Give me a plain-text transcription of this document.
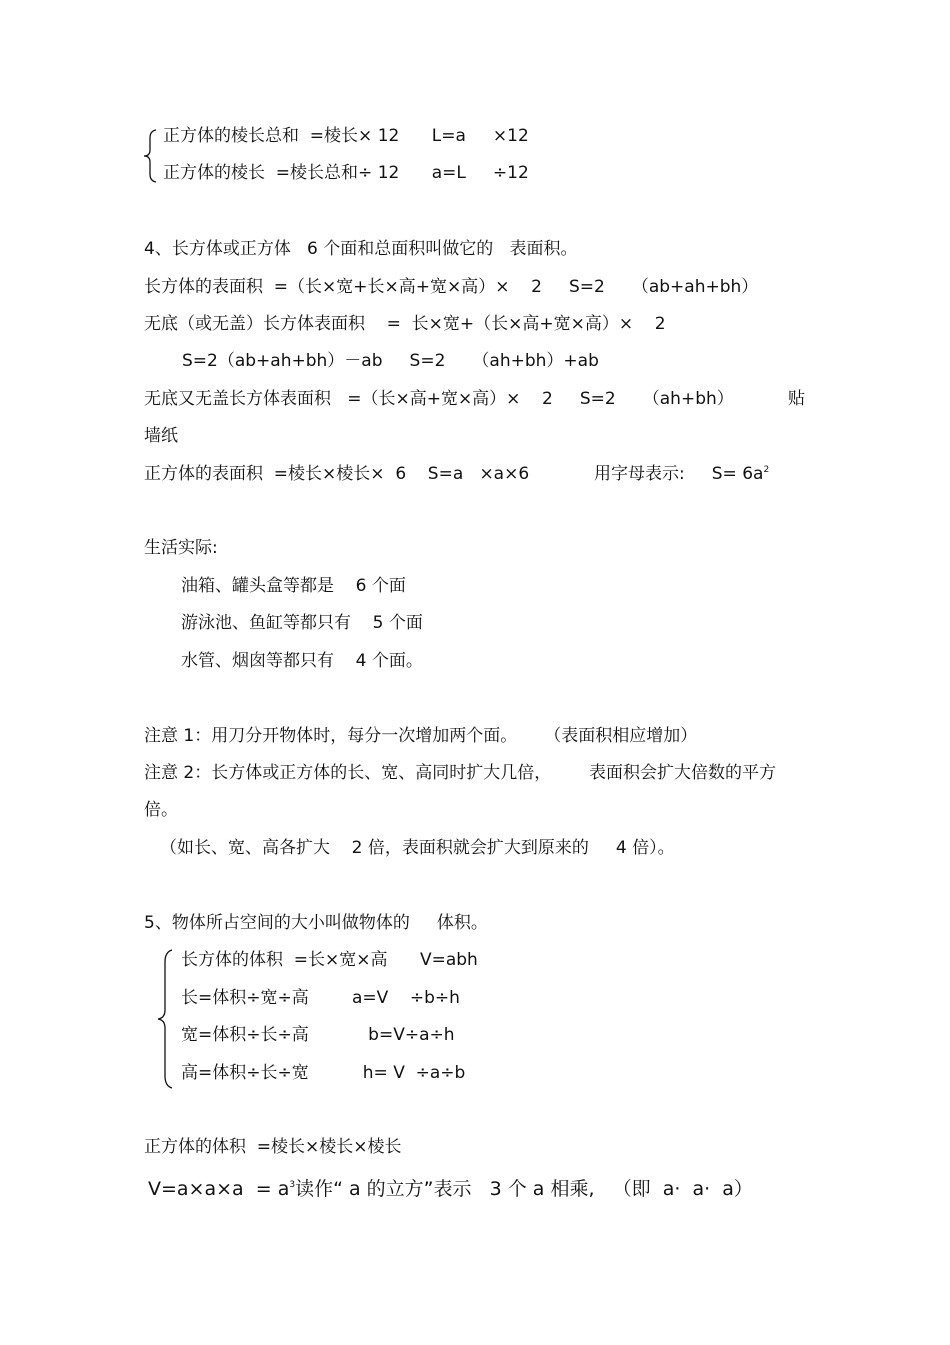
正方体的棱长总和  =棱长× 12      L=a     ×12
正方体的棱长  =棱长总和÷ 12      a=L     ÷12
4、长方体或正方体   6 个面和总面积叫做它的   表面积。
长方体的表面积  =（长×宽+长×高+宽×高）×    2     S=2     （ab+ah+bh）
无底（或无盖）长方体表面积    =  长×宽+（长×高+宽×高）×    2
S=2（ab+ah+bh）－ab     S=2     （ah+bh）+ab
无底又无盖长方体表面积   =（长×高+宽×高）×    2     S=2     （ah+bh）	贴
墙纸
正方体的表面积  =棱长×棱长×  6    S=a   ×a×6            用字母表示:     $S= 6a^2$
生活实际:
油箱、罐头盒等都是    6 个面
游泳池、鱼缸等都只有    5 个面
水管、烟囱等都只有    4 个面。
注意 1：用刀分开物体时，每分一次增加两个面。     （表面积相应增加）
注意 2：长方体或正方体的长、宽、高同时扩大几倍，       表面积会扩大倍数的平方
倍。
（如长、宽、高各扩大    2 倍，表面积就会扩大到原来的     4 倍）。
5、物体所占空间的大小叫做物体的     体积。
长方体的体积  =长×宽×高      V=abh
长=体积÷宽÷高        a=V    ÷b÷h
宽=体积÷长÷高           b=V÷a÷h
高=体积÷长÷宽          h= V  ÷a÷b
正方体的体积  =棱长×棱长×棱长
$V=a\times a\times a = a^3$读作“ a 的立方”表示   3 个 a 相乘,   （即  a·  a·  a）
